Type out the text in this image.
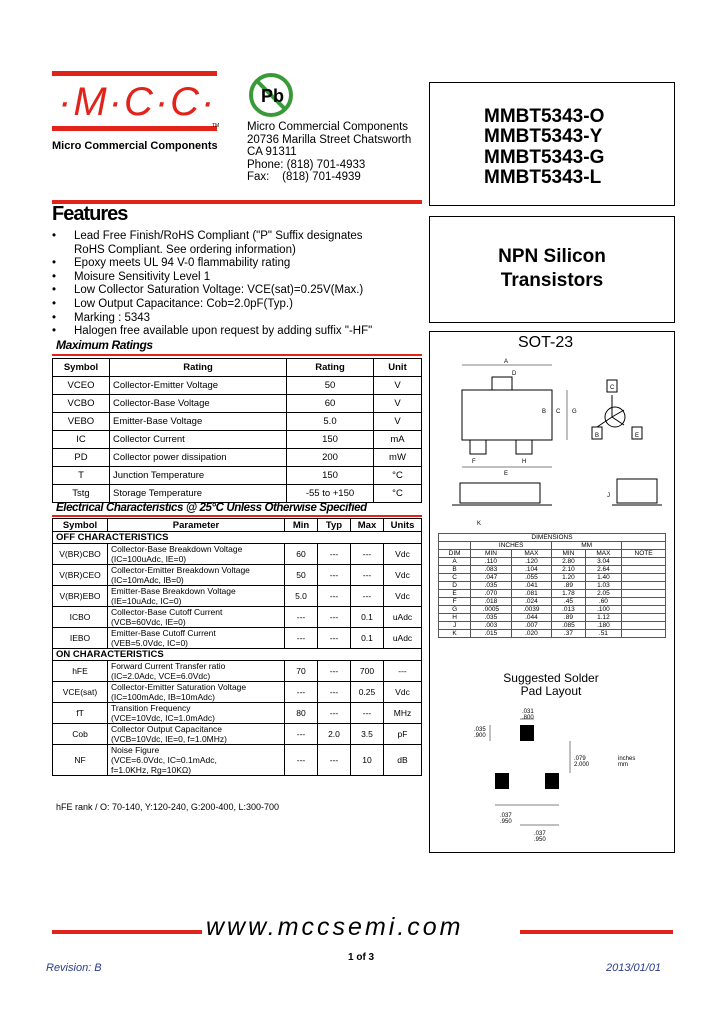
·M·C·C·
TM
Micro Commercial Components
Pb
Micro Commercial Components
20736 Marilla Street Chatsworth
CA 91311
Phone: (818) 701-4933
Fax:    (818) 701-4939
MMBT5343-O
MMBT5343-Y
MMBT5343-G
MMBT5343-L
NPN Silicon
Transistors
Features
• Lead Free Finish/RoHS Compliant ("P" Suffix designates
RoHS Compliant. See ordering information)
• Epoxy meets UL 94 V-0 flammability rating
• Moisure Sensitivity Level 1
• Low Collector Saturation Voltage: VCE(sat)=0.25V(Max.)
• Low Output Capacitance: Cob=2.0pF(Typ.)
• Marking : 5343
• Halogen free available upon request by adding suffix "-HF"
Maximum Ratings
Symbol	Rating	Rating	Unit
VCEO	Collector-Emitter Voltage	50	V
VCBO	Collector-Base Voltage	60	V
VEBO	Emitter-Base Voltage	5.0	V
IC	Collector Current	150	mA
PD	Collector power dissipation	200	mW
T	Junction Temperature	150	°C
Tstg	Storage Temperature	-55 to +150	°C
Electrical Characteristics @ 25°C Unless Otherwise Specified
Symbol	Parameter	Min	Typ	Max	Units
OFF CHARACTERISTICS					
V(BR)CBO	Collector-Base Breakdown Voltage
(IC=100uAdc, IE=0)	60	---	---	Vdc
V(BR)CEO	Collector-Emitter Breakdown Voltage
(IC=10mAdc, IB=0)	50	---	---	Vdc
V(BR)EBO	Emitter-Base Breakdown Voltage
(IE=10uAdc, IC=0)	5.0	---	---	Vdc
ICBO	Collector-Base Cutoff Current
(VCB=60Vdc, IE=0)	---	---	0.1	uAdc
IEBO	Emitter-Base Cutoff Current
(VEB=5.0Vdc, IC=0)	---	---	0.1	uAdc
ON CHARACTERISTICS					
hFE	Forward Current Transfer ratio
(IC=2.0Adc, VCE=6.0Vdc)	70	---	700	---
VCE(sat)	Collector-Emitter Saturation Voltage
(IC=100mAdc, IB=10mAdc)	---	---	0.25	Vdc
fT	Transition Frequency
(VCE=10Vdc, IC=1.0mAdc)	80	---	---	MHz
Cob	Collector Output Capacitance
(VCB=10Vdc, IE=0, f=1.0MHz)	---	2.0	3.5	pF
NF	Noise Figure
(VCE=6.0Vdc, IC=0.1mAdc,
f=1.0KHz, Rg=10KΩ)	---	---	10	dB
hFE rank / O: 70-140, Y:120-240, G:200-400, L:300-700
SOT-23
A
D
B C
F
G
H
E
J
K
B	E
C
DIMENSIONS					
	INCHES		MM		
DIM	MIN	MAX	MIN	MAX	NOTE
A	.110	.120	2.80	3.04	
B	.083	.104	2.10	2.64	
C	.047	.055	1.20	1.40	
D	.035	.041	.89	1.03	
E	.070	.081	1.78	2.05	
F	.018	.024	.45	.60	
G	.0005	.0039	.013	.100	
H	.035	.044	.89	1.12	
J	.003	.007	.085	.180	
K	.015	.020	.37	.51	
Suggested Solder
Pad Layout
.031
.800
.035
.900
.079
2.000
inches
mm
.037
.950
.037
.950
www.mccsemi.com
1 of 3
Revision: B	2013/01/01
